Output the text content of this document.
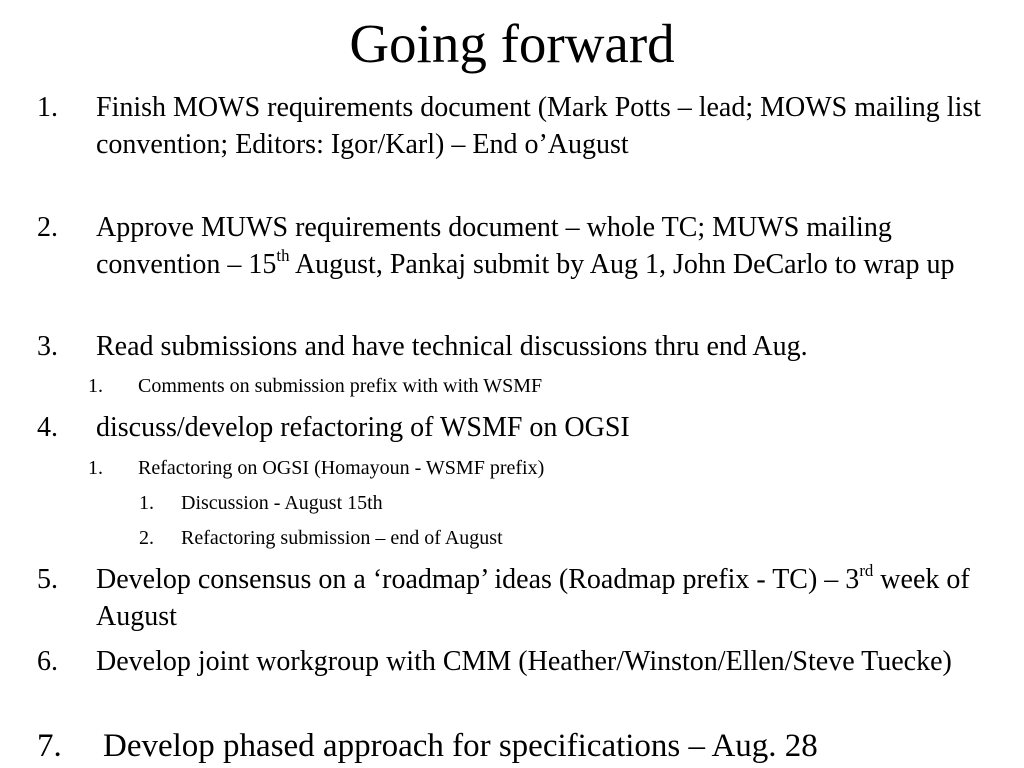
Going forward
1. Finish MOWS requirements document (Mark Potts – lead; MOWS mailing list convention; Editors: Igor/Karl) – End o’August
2. Approve MUWS requirements document – whole TC; MUWS mailing convention – 15th August, Pankaj submit by Aug 1, John DeCarlo to wrap up
3. Read submissions and have technical discussions thru end Aug.
1. Comments on submission prefix with with WSMF
4. discuss/develop refactoring of WSMF on OGSI
1. Refactoring on OGSI (Homayoun - WSMF prefix)
1. Discussion - August 15th
2. Refactoring submission – end of August
5. Develop consensus on a ‘roadmap’ ideas (Roadmap prefix - TC) – 3rd week of August
6. Develop joint workgroup with CMM (Heather/Winston/Ellen/Steve Tuecke)
7. Develop phased approach for specifications – Aug. 28
